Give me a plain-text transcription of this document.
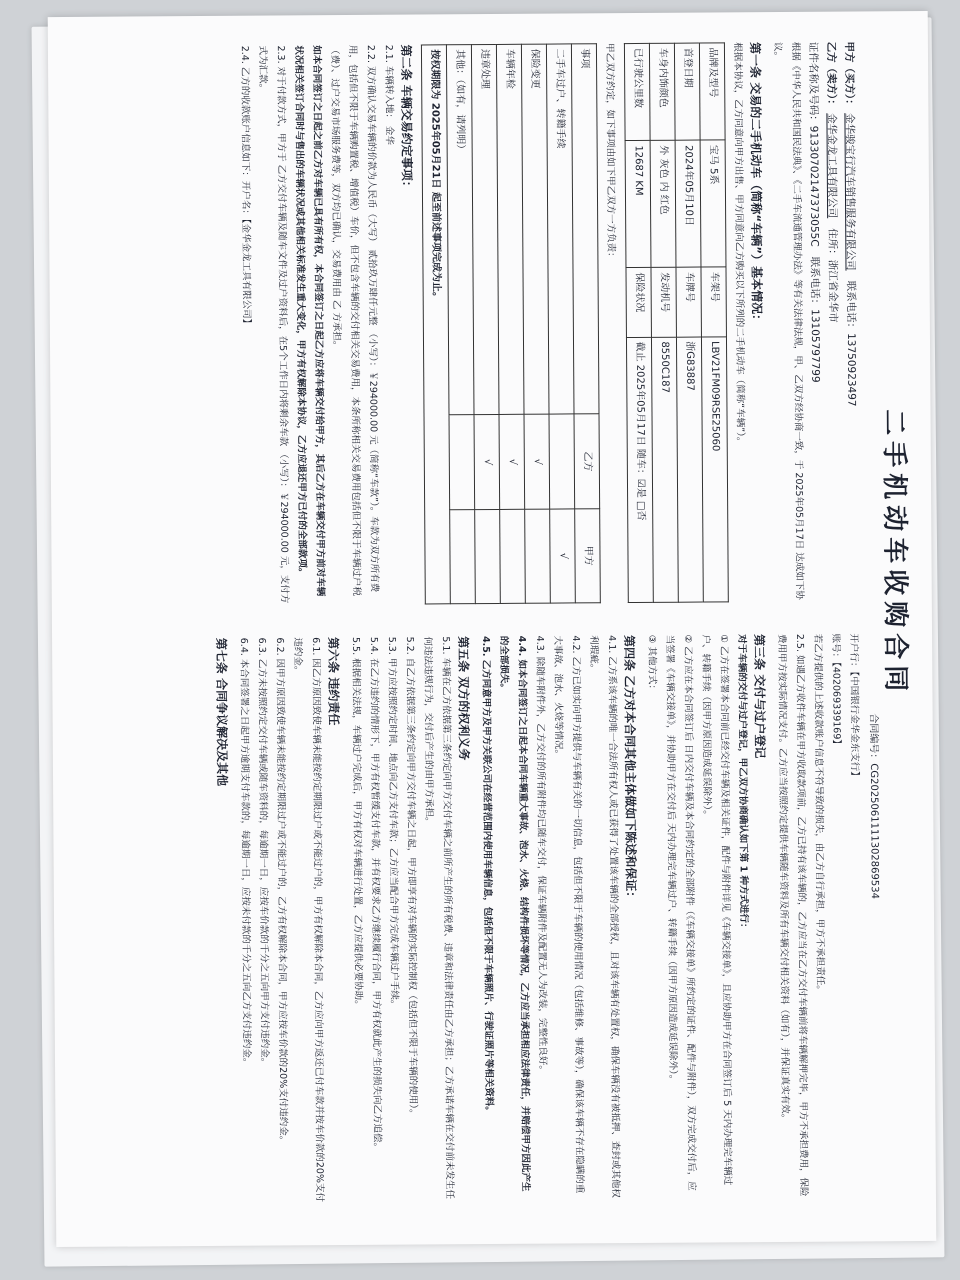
二手机动车收购合同
合同编号：CG20250611113028695​34
甲方（买方）： 金华骏宝行汽车销售服务有限公司   联系电话：13750923497
乙方（卖方）： 金华金龙工具有限公司   住所：浙江省金华市
证件名称及号码：91330702147373055C   联系电话：13105797799
根据《中华人民共和国民法典》、《二手车流通管理办法》等有关法律法规，甲、乙双方经协商一致，于 2025年05月17日 达成如下协议。
第一条 交易的二手机动车（简称“车辆”）基本情况：
根据本协议，乙方同意向甲方出售、甲方同意向乙方购买以下所列的二手机动车（简称“车辆”）。
品牌及型号	宝马 5系	车架号	LBV21FM09RSE25060
首登日期	2024年05月10日	车牌号	浙G83887
车身内饰颜色	外 灰色 内 红色	发动机号	8550C187
已行驶公里数	12687 KM	保险状况	截止 2025年05月17日 随车：☑是 □否
甲乙双方约定，如下事项由如下甲乙双方一方负责：
事项	乙方	甲方
二手车过户、转籍手续		√
保险变更	√	
车辆年检	√	
违章处理	√	
其他：（如有，请列明）		
按权期限为 2025年05月21日 起至前述事项完成为止。		
第二条 车辆交易约定事项：
2.1. 车辆转入地： 金华
2.2. 双方确认交易车辆的价款为人民币（大写） 贰拾玖万肆仟元整 （小写）：￥294000.00 元（简称“车款”）。车款为双方所有费用，包括但不限于车辆购置税、增值税）车价，但不包含车辆的交付相关交易费用，本条所称相关交易费用包括但不限于车辆过户税（费）、过户交易市场服务费等，双方均已确认，交易费用由 乙 方承担。
如本合同签订之日起之前乙方对车辆已具有所有权，本合同签订之日起乙方应将车辆交付给甲方，其后乙方在车辆交付甲方前对车辆状况相关签订合同时与售出的车辆状况或其他相关标准发生重大变化，甲方有权解除本协议，乙方应退还甲方已付的全部款项。
2.3. 对于付款方式，甲方于 乙方交付车辆及随车文件及过户资料后，在5个工作日内将剩余车款 （小写）：￥294000.00 元，支付方式为汇款。
2.4. 乙方的收款账户信息如下：开户名：【金华金龙工具有限公司】
开户行：【中国银行金华金东支行】
账号：【402069339169】
若乙方提供的上述收款账户信息不符导致的损失，由乙方自行承担，甲方不承担责任。
2.5. 如遇乙方收件车辆在甲方收取款项前，乙方已持有该车辆的，乙方应当在乙方交付车辆前将车辆解押完毕，甲方不承担费用，保险费用甲方按实际情况支付。乙方应当按照约定提供车辆随车资料及所有车辆交付相关资料（如有），并保证真实有效。
第三条 交付与过户登记
对于车辆的交付与过户登记，甲乙双方协商确认如下第 1 种方式进行：
① 乙方在签署本合同前已经交付车辆及相关证件，配件与附件详见《车辆交接单》，且应协助甲方在合同签订后 5 天内办理完车辆过户、转籍手续（因甲方原因造成延误除外）。
② 乙方应在本合同签订后 日内交付车辆及本合同约定的全部附件（《车辆交接单》所约定的证件、配件与附件），双方完成交付后，应当签署《车辆交接单》，并协助甲方在交付后 天内办理完车辆过户、转籍手续（因甲方原因造成延误除外）。
③ 其他方式：
第四条 乙方对本合同其他主体做如下陈述和保证：
4.1. 乙方系该车辆的唯一合法所有权人或已获得了处置该车辆的全部授权，且对该车辆有处置权，确保车辆没有被抵押、查封或其他权利瑕疵。
4.2. 乙方已如实向甲方提供与车辆有关的一切信息，包括但不限于车辆的使用情况（包括维修、事故等），确保该车辆不存在隐瞒的重大事故、泡水、火烧等情况。
4.3. 除随车附件外，乙方交付的所有附件均已随车交付，保证车辆附件及配置无人为改装，完整性良好。
4.4. 如本合同签订之日起本合同车辆重大事故、泡水、火烧、结构件损坏等情况，乙方应当承担相应法律责任，并赔偿甲方因此产生的全部损失。
4.5. 乙方同意甲方及甲方关联公司在经营范围内使用车辆信息，包括但不限于车辆照片、行驶证照片等相关资料。
第五条 双方的权利义务
5.1. 车辆在乙方依据第三条约定向甲方交付车辆之前所产生的所有税费、违章和法律责任由乙方承担；乙方承诺车辆在交付前未发生任何违法违规行为，交付后产生的由甲方承担。
5.2. 自乙方依据第三条约定向甲方交付车辆之日起，甲方即享有对车辆的实际控制权（包括但不限于车辆的使用）。
5.3. 甲方应按照约定时间、地点向乙方支付车款；乙方应当配合甲方完成车辆过户手续。
5.4. 在乙方违约的情形下，甲方有权暂缓支付车款，并有权要求乙方继续履行合同，甲方有权就此产生的损失向乙方追偿。
5.5. 根据相关法规，车辆过户完成后，甲方有权对车辆进行处置，乙方应提供必要协助。
第六条 违约责任
6.1. 因乙方原因致使车辆未能按约定期限过户或不能过户的，甲方有权解除本合同，乙方应向甲方返还已付车款并按车价款的20%支付违约金。
6.2. 因甲方原因致使车辆未能按约定期限过户或不能过户的，乙方有权解除本合同，甲方应按车价款的20%支付违约金。
6.3. 乙方未按照约定交付车辆或随车资料的，每逾期一日，应按车价款的千分之五向甲方支付违约金。
6.4. 本合同签署之日起甲方逾期支付车款的，每逾期一日，应按未付款的千分之五向乙方支付违约金。
第七条 合同争议解决及其他
